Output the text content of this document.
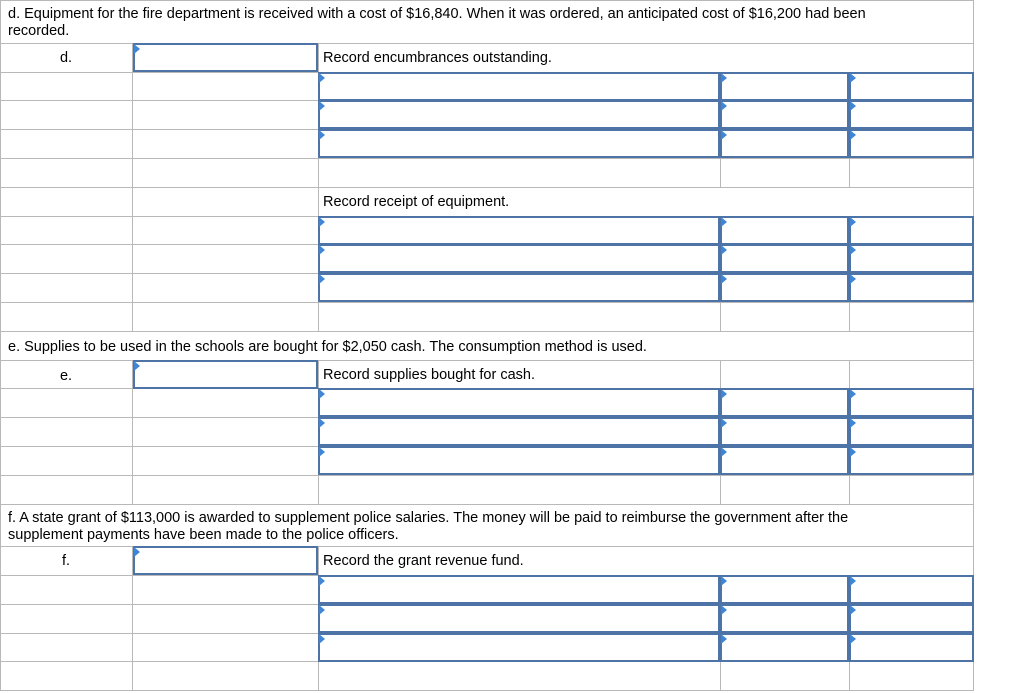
d. Equipment for the fire department is received with a cost of $16,840. When it was ordered, an anticipated cost of $16,200 had been
recorded.
d.	Record encumbrances outstanding.
Record receipt of equipment.
e. Supplies to be used in the schools are bought for $2,050 cash. The consumption method is used.
e.	Record supplies bought for cash.
f. A state grant of $113,000 is awarded to supplement police salaries. The money will be paid to reimburse the government after the
supplement payments have been made to the police officers.
f.	Record the grant revenue fund.
